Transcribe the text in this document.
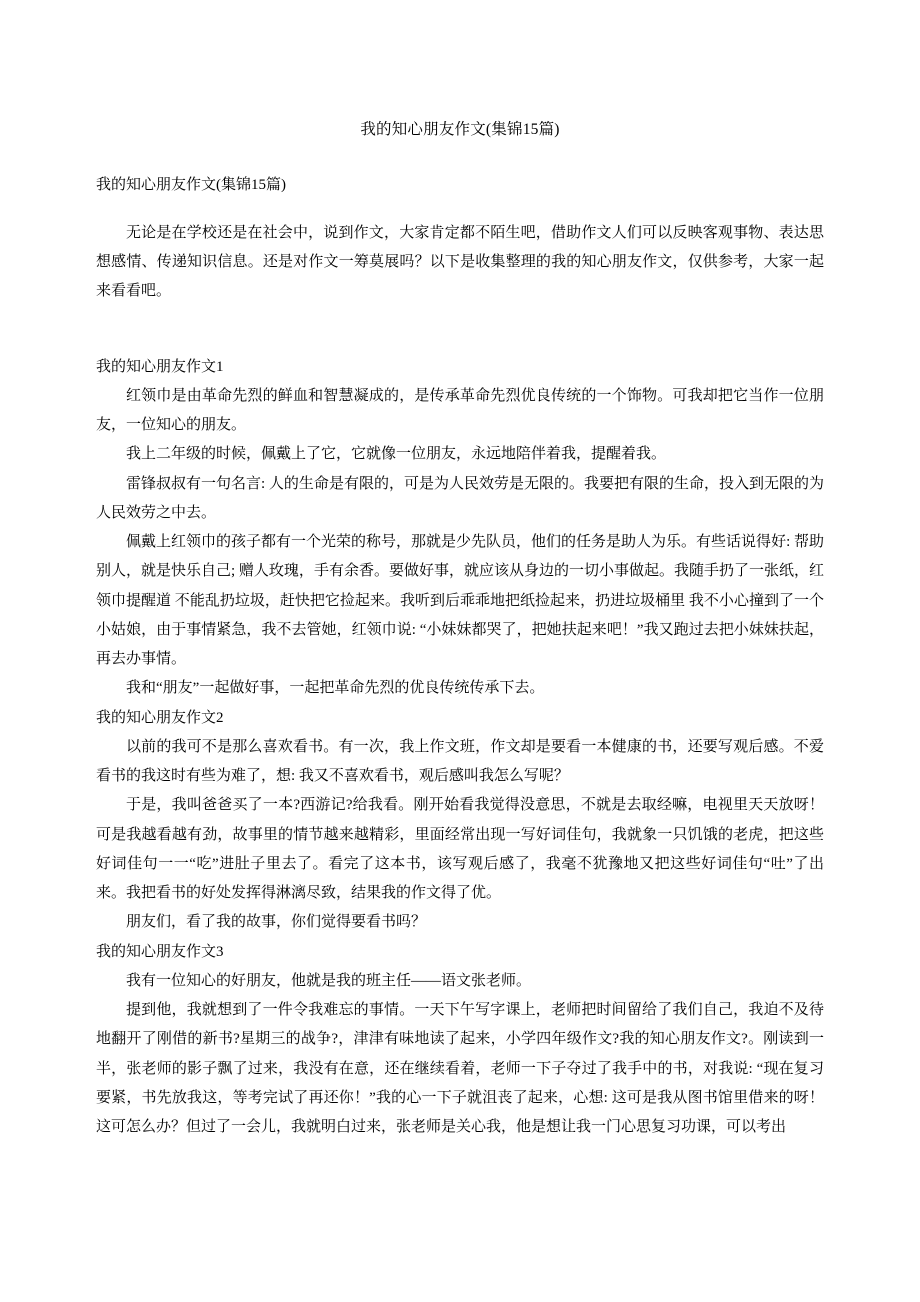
我的知心朋友作文(集锦15篇)
我的知心朋友作文(集锦15篇)

无论是在学校还是在社会中，说到作文，大家肯定都不陌生吧，借助作文人们可以反映客观事物、表达思想感情、传递知识信息。还是对作文一筹莫展吗？以下是收集整理的我的知心朋友作文，仅供参考，大家一起来看看吧。

我的知心朋友作文1

红领巾是由革命先烈的鲜血和智慧凝成的，是传承革命先烈优良传统的一个饰物。可我却把它当作一位朋友，一位知心的朋友。

我上二年级的时候，佩戴上了它，它就像一位朋友，永远地陪伴着我，提醒着我。

雷锋叔叔有一句名言: 人的生命是有限的，可是为人民效劳是无限的。我要把有限的生命，投入到无限的为人民效劳之中去。

佩戴上红领巾的孩子都有一个光荣的称号，那就是少先队员，他们的任务是助人为乐。有些话说得好: 帮助别人，就是快乐自己; 赠人玫瑰，手有余香。要做好事，就应该从身边的一切小事做起。我随手扔了一张纸，红领巾提醒道 不能乱扔垃圾，赶快把它捡起来。我听到后乖乖地把纸捡起来，扔进垃圾桶里 我不小心撞到了一个小姑娘，由于事情紧急，我不去管她，红领巾说: “小妹妹都哭了，把她扶起来吧！”我又跑过去把小妹妹扶起，再去办事情。

我和“朋友”一起做好事，一起把革命先烈的优良传统传承下去。

我的知心朋友作文2

以前的我可不是那么喜欢看书。有一次，我上作文班，作文却是要看一本健康的书，还要写观后感。不爱看书的我这时有些为难了，想: 我又不喜欢看书，观后感叫我怎么写呢？

于是，我叫爸爸买了一本?西游记?给我看。刚开始看我觉得没意思，不就是去取经嘛，电视里天天放呀！可是我越看越有劲，故事里的情节越来越精彩，里面经常出现一写好词佳句，我就象一只饥饿的老虎，把这些好词佳句一一“吃”进肚子里去了。看完了这本书，该写观后感了，我毫不犹豫地又把这些好词佳句“吐”了出来。我把看书的好处发挥得淋漓尽致，结果我的作文得了优。

朋友们，看了我的故事，你们觉得要看书吗？

我的知心朋友作文3

我有一位知心的好朋友，他就是我的班主任——语文张老师。

提到他，我就想到了一件令我难忘的事情。一天下午写字课上，老师把时间留给了我们自己，我迫不及待地翻开了刚借的新书?星期三的战争?，津津有味地读了起来，小学四年级作文?我的知心朋友作文?。刚读到一半，张老师的影子飘了过来，我没有在意，还在继续看着，老师一下子夺过了我手中的书，对我说: “现在复习要紧，书先放我这，等考完试了再还你！”我的心一下子就沮丧了起来，心想: 这可是我从图书馆里借来的呀！这可怎么办？但过了一会儿，我就明白过来，张老师是关心我，他是想让我一门心思复习功课，可以考出
